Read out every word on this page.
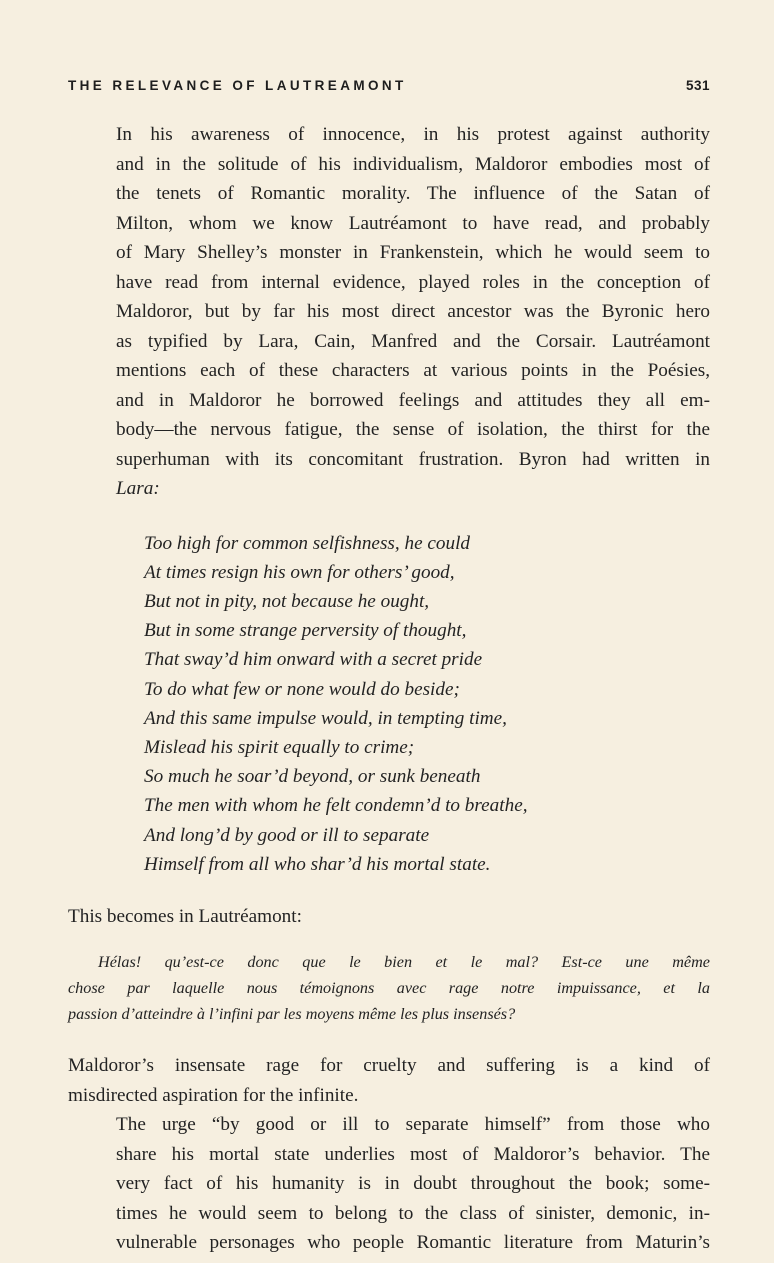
THE RELEVANCE OF LAUTREAMONT	531

In his awareness of innocence, in his protest against authority
and in the solitude of his individualism, Maldoror embodies most of
the tenets of Romantic morality. The influence of the Satan of
Milton, whom we know Lautréamont to have read, and probably
of Mary Shelley’s monster in Frankenstein, which he would seem to
have read from internal evidence, played roles in the conception of
Maldoror, but by far his most direct ancestor was the Byronic hero
as typified by Lara, Cain, Manfred and the Corsair. Lautréamont
mentions each of these characters at various points in the Poésies,
and in Maldoror he borrowed feelings and attitudes they all em-
body—the nervous fatigue, the sense of isolation, the thirst for the
superhuman with its concomitant frustration. Byron had written in
Lara:

Too high for common selfishness, he could
At times resign his own for others’ good,
But not in pity, not because he ought,
But in some strange perversity of thought,
That sway’d him onward with a secret pride
To do what few or none would do beside;
And this same impulse would, in tempting time,
Mislead his spirit equally to crime;
So much he soar’d beyond, or sunk beneath
The men with whom he felt condemn’d to breathe,
And long’d by good or ill to separate
Himself from all who shar’d his mortal state.

This becomes in Lautréamont:

Hélas! qu’est-ce donc que le bien et le mal? Est-ce une même
chose par laquelle nous témoignons avec rage notre impuissance, et la
passion d’atteindre à l’infini par les moyens même les plus insensés?

Maldoror’s insensate rage for cruelty and suffering is a kind of
misdirected aspiration for the infinite.

The urge “by good or ill to separate himself” from those who
share his mortal state underlies most of Maldoror’s behavior. The
very fact of his humanity is in doubt throughout the book; some-
times he would seem to belong to the class of sinister, demonic, in-
vulnerable personages who people Romantic literature from Maturin’s
